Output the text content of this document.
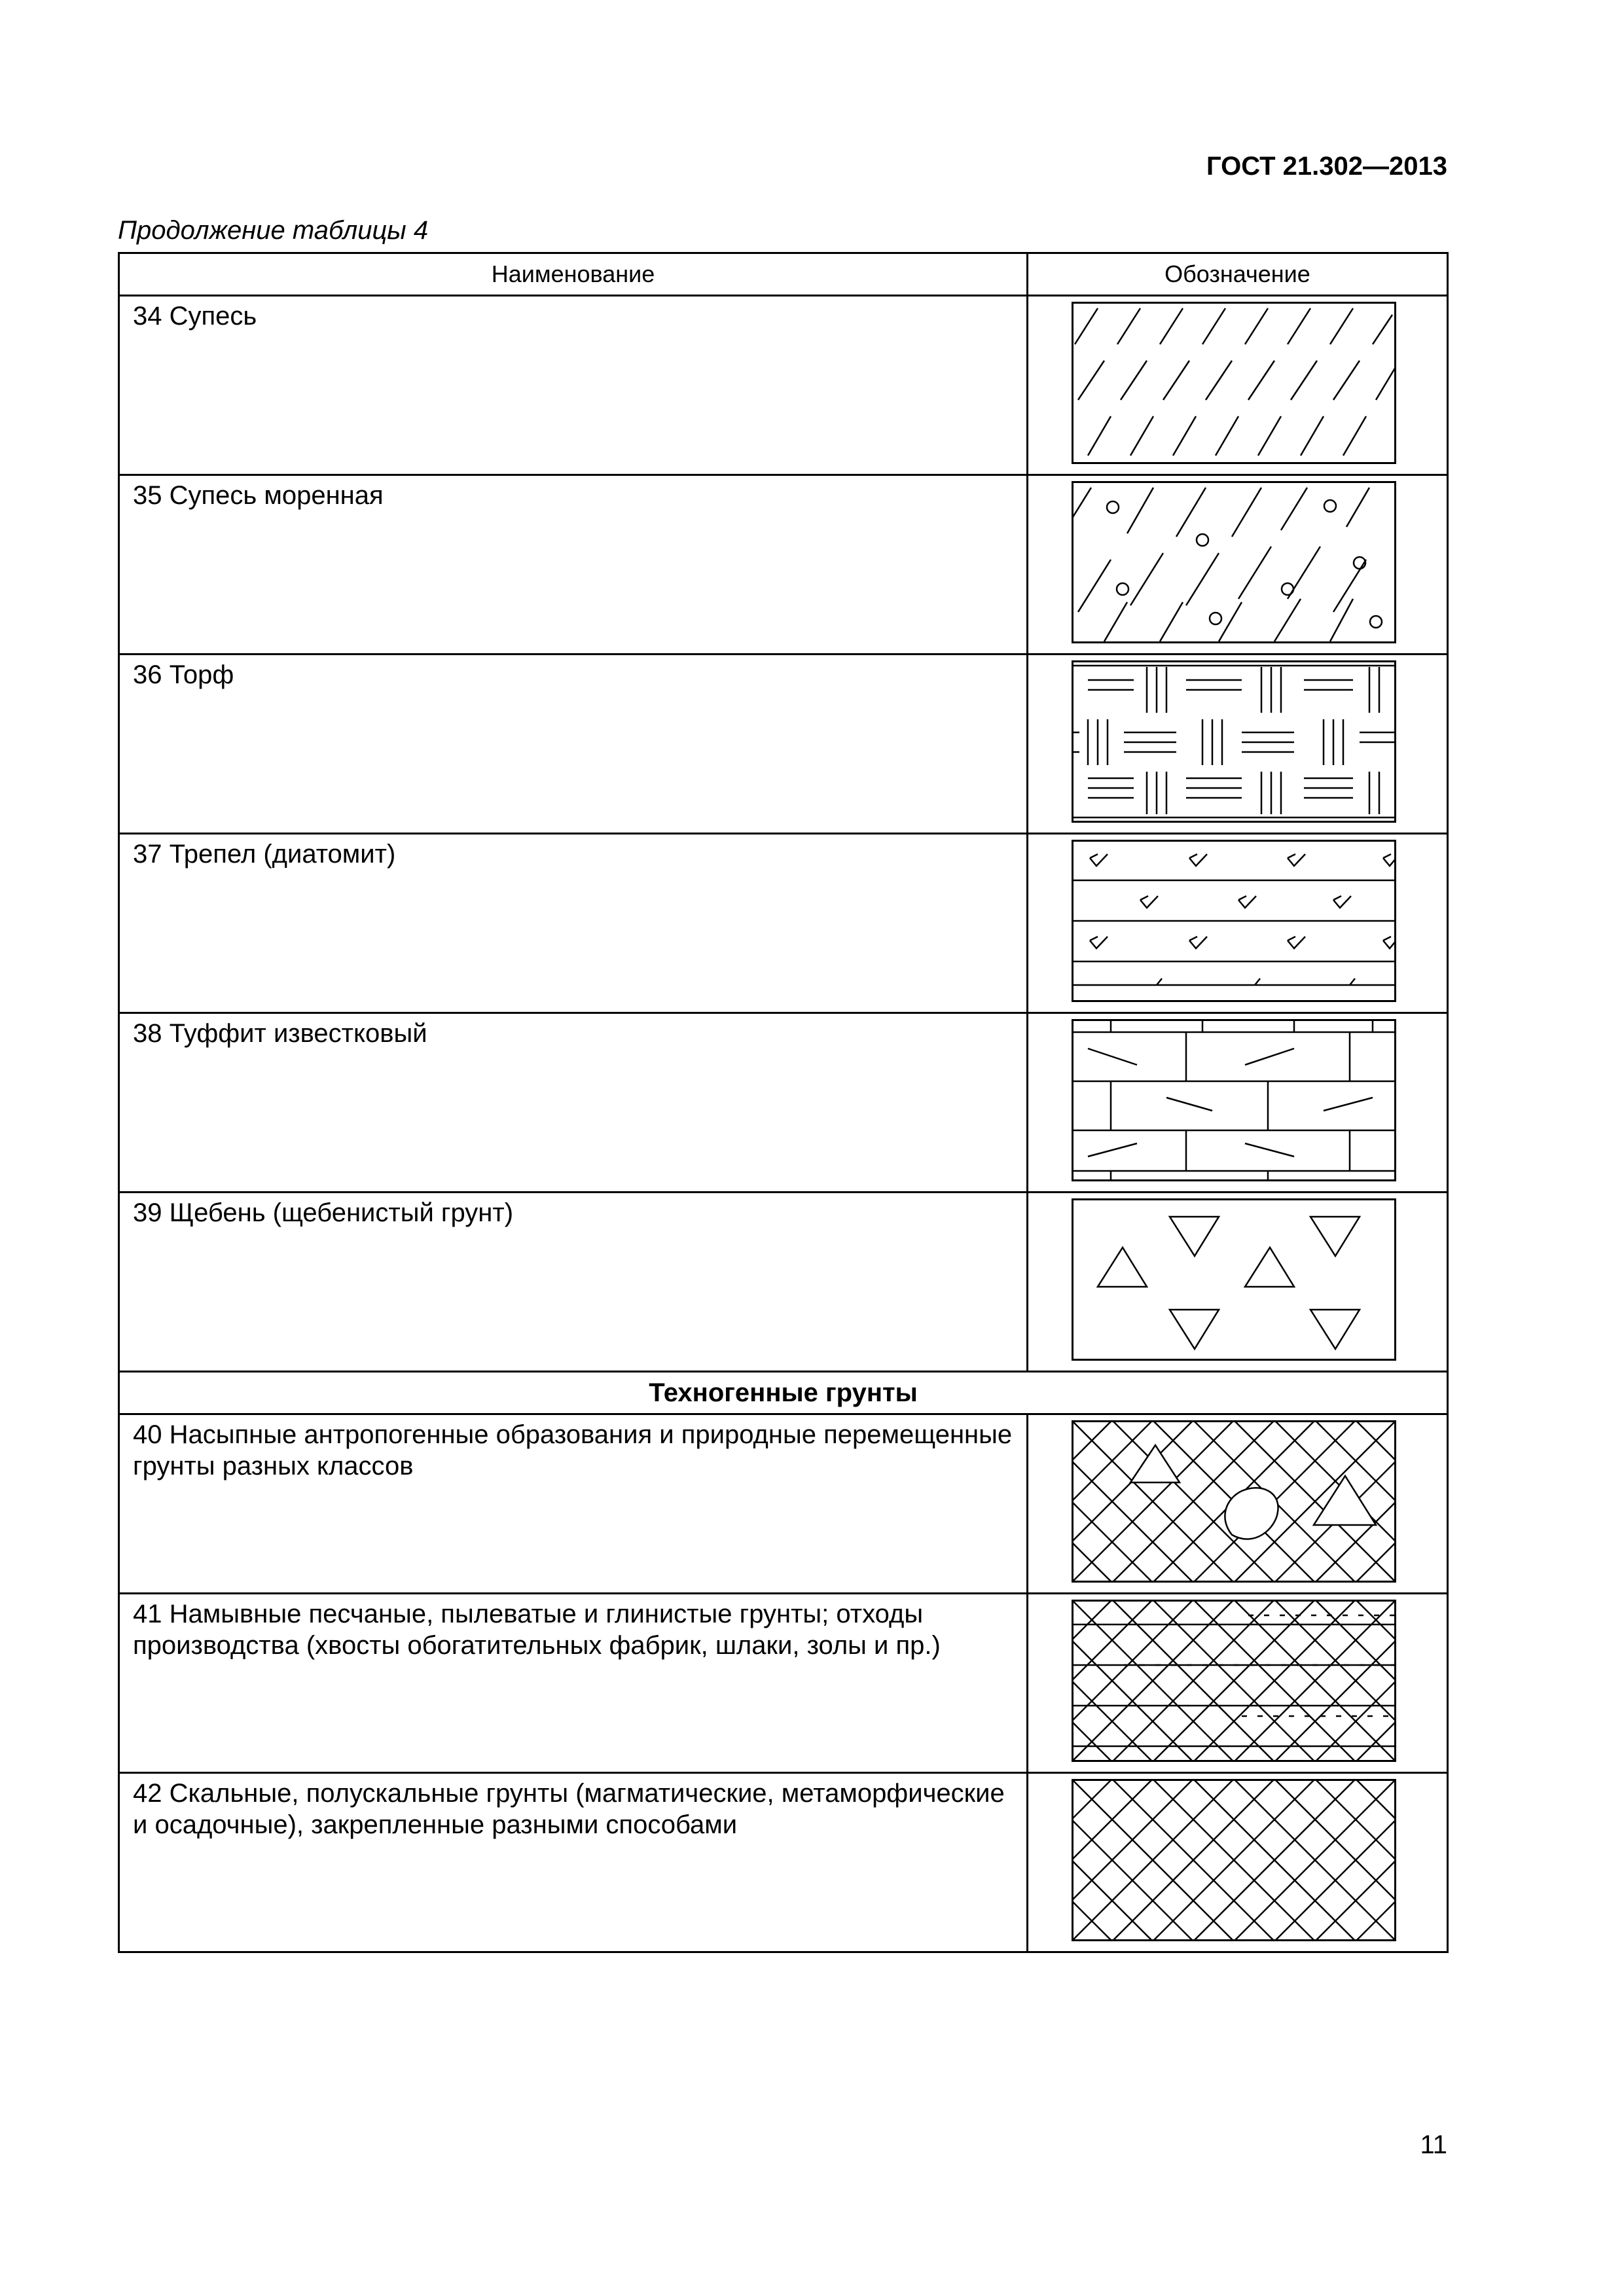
ГОСТ 21.302—2013
Продолжение таблицы 4
Наименование	Обозначение
34 Супесь	

35 Супесь моренная	

36 Торф	

37 Трепел (диатомит)	

38 Туффит известковый	

39 Щебень (щебенистый грунт)	

Техногенные грунты	
40 Насыпные антропогенные образования и природные перемещенные грунты разных классов	

41 Намывные песчаные, пылеватые и глинистые грунты; отходы производства (хвосты обогатительных фабрик, шлаки, золы и пр.)	

42 Скальные, полускальные грунты (магматические, метаморфические и осадочные), закрепленные разными способами	
11
